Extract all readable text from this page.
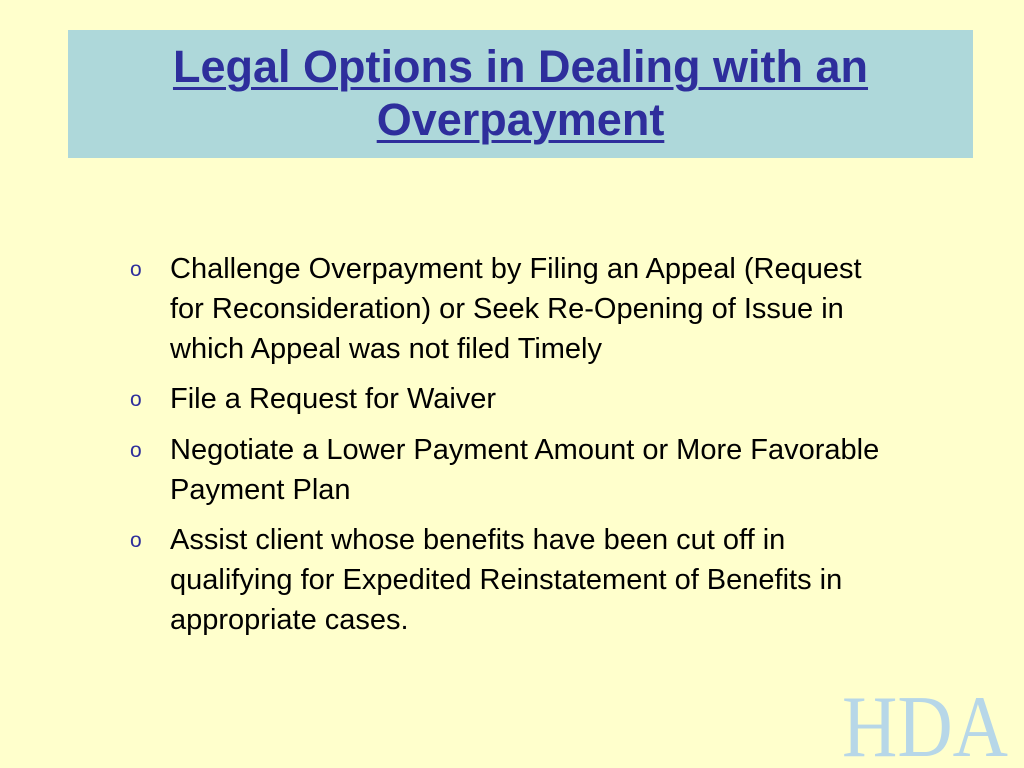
Legal Options in Dealing with an Overpayment
o Challenge Overpayment by Filing an Appeal (Request for Reconsideration) or Seek Re-Opening of Issue in which Appeal was not filed Timely
o File a Request for Waiver
o Negotiate a Lower Payment Amount or More Favorable Payment Plan
o Assist client whose benefits have been cut off in qualifying for Expedited Reinstatement of Benefits in appropriate cases.
HDA
